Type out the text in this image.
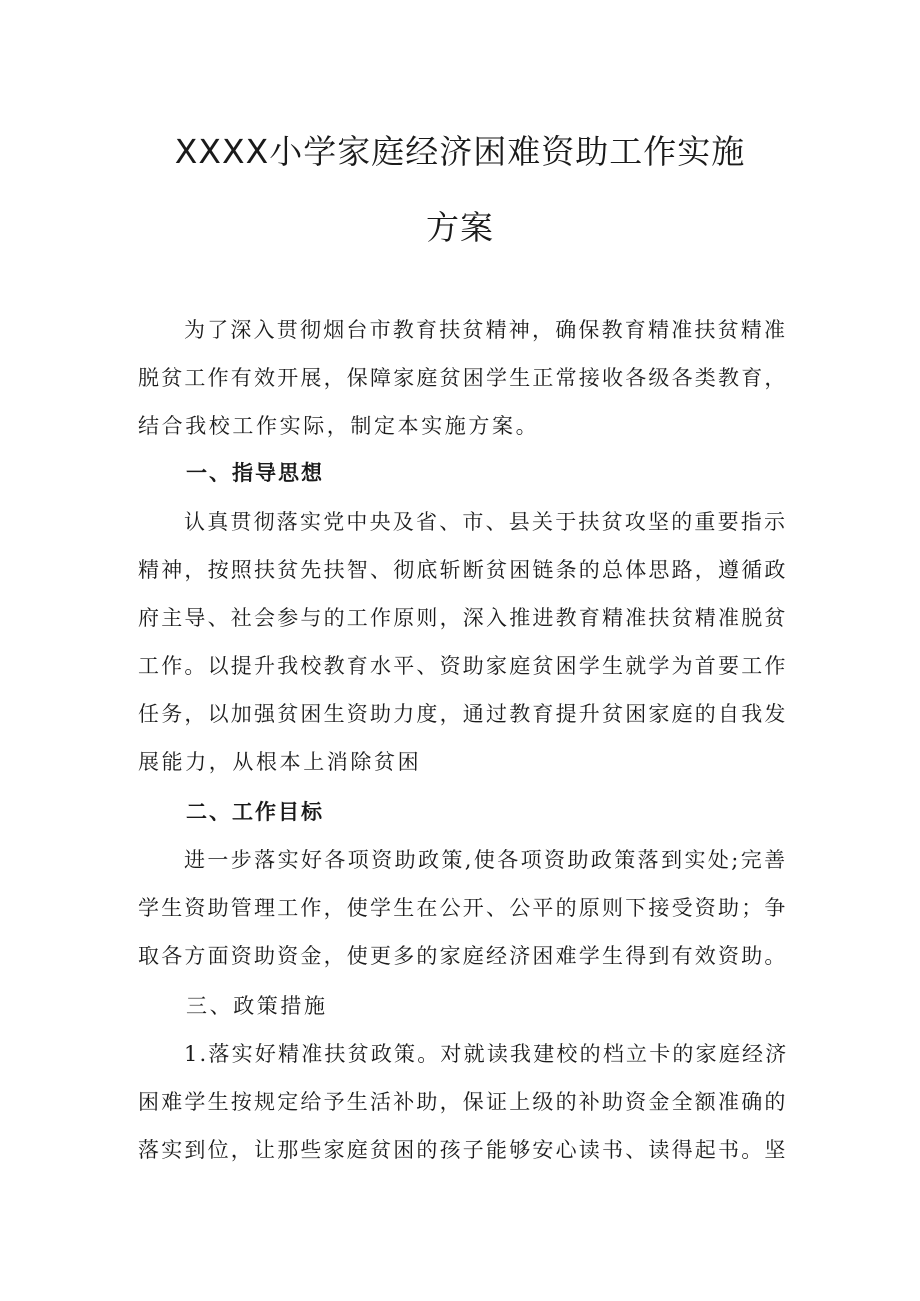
XXXX小学家庭经济困难资助工作实施
方案
为了深入贯彻烟台市教育扶贫精神，确保教育精准扶贫精准
脱贫工作有效开展，保障家庭贫困学生正常接收各级各类教育，
结合我校工作实际，制定本实施方案。
一、指导思想
认真贯彻落实党中央及省、市、县关于扶贫攻坚的重要指示
精神，按照扶贫先扶智、彻底斩断贫困链条的总体思路，遵循政
府主导、社会参与的工作原则，深入推进教育精准扶贫精准脱贫
工作。以提升我校教育水平、资助家庭贫困学生就学为首要工作
任务，以加强贫困生资助力度，通过教育提升贫困家庭的自我发
展能力，从根本上消除贫困
二、工作目标
进一步落实好各项资助政策,使各项资助政策落到实处;完善
学生资助管理工作，使学生在公开、公平的原则下接受资助；争
取各方面资助资金，使更多的家庭经济困难学生得到有效资助。
三、政策措施
1.落实好精准扶贫政策。对就读我建校的档立卡的家庭经济
困难学生按规定给予生活补助，保证上级的补助资金全额准确的
落实到位，让那些家庭贫困的孩子能够安心读书、读得起书。坚
